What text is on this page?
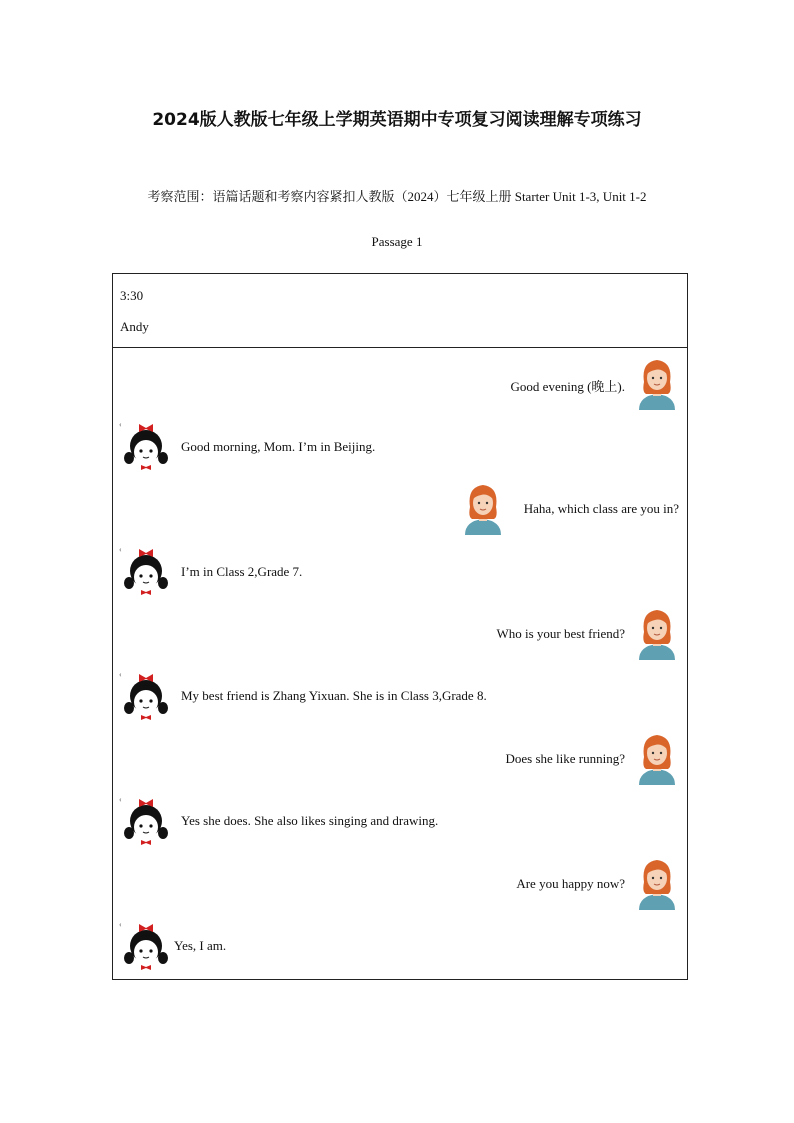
2024版人教版七年级上学期英语期中专项复习阅读理解专项练习
考察范围：语篇话题和考察内容紧扣人教版（2024）七年级上册 Starter Unit 1-3, Unit 1-2
Passage 1
3:30
Andy
Good evening (晚上).
‹
Good morning, Mom. I’m in Beijing.
Haha, which class are you in?
‹
I’m in Class 2,Grade 7.
Who is your best friend?
‹
My best friend is Zhang Yixuan. She is in Class 3,Grade 8.
Does she like running?
‹
Yes she does. She also likes singing and drawing.
Are you happy now?
‹
Yes, I am.
